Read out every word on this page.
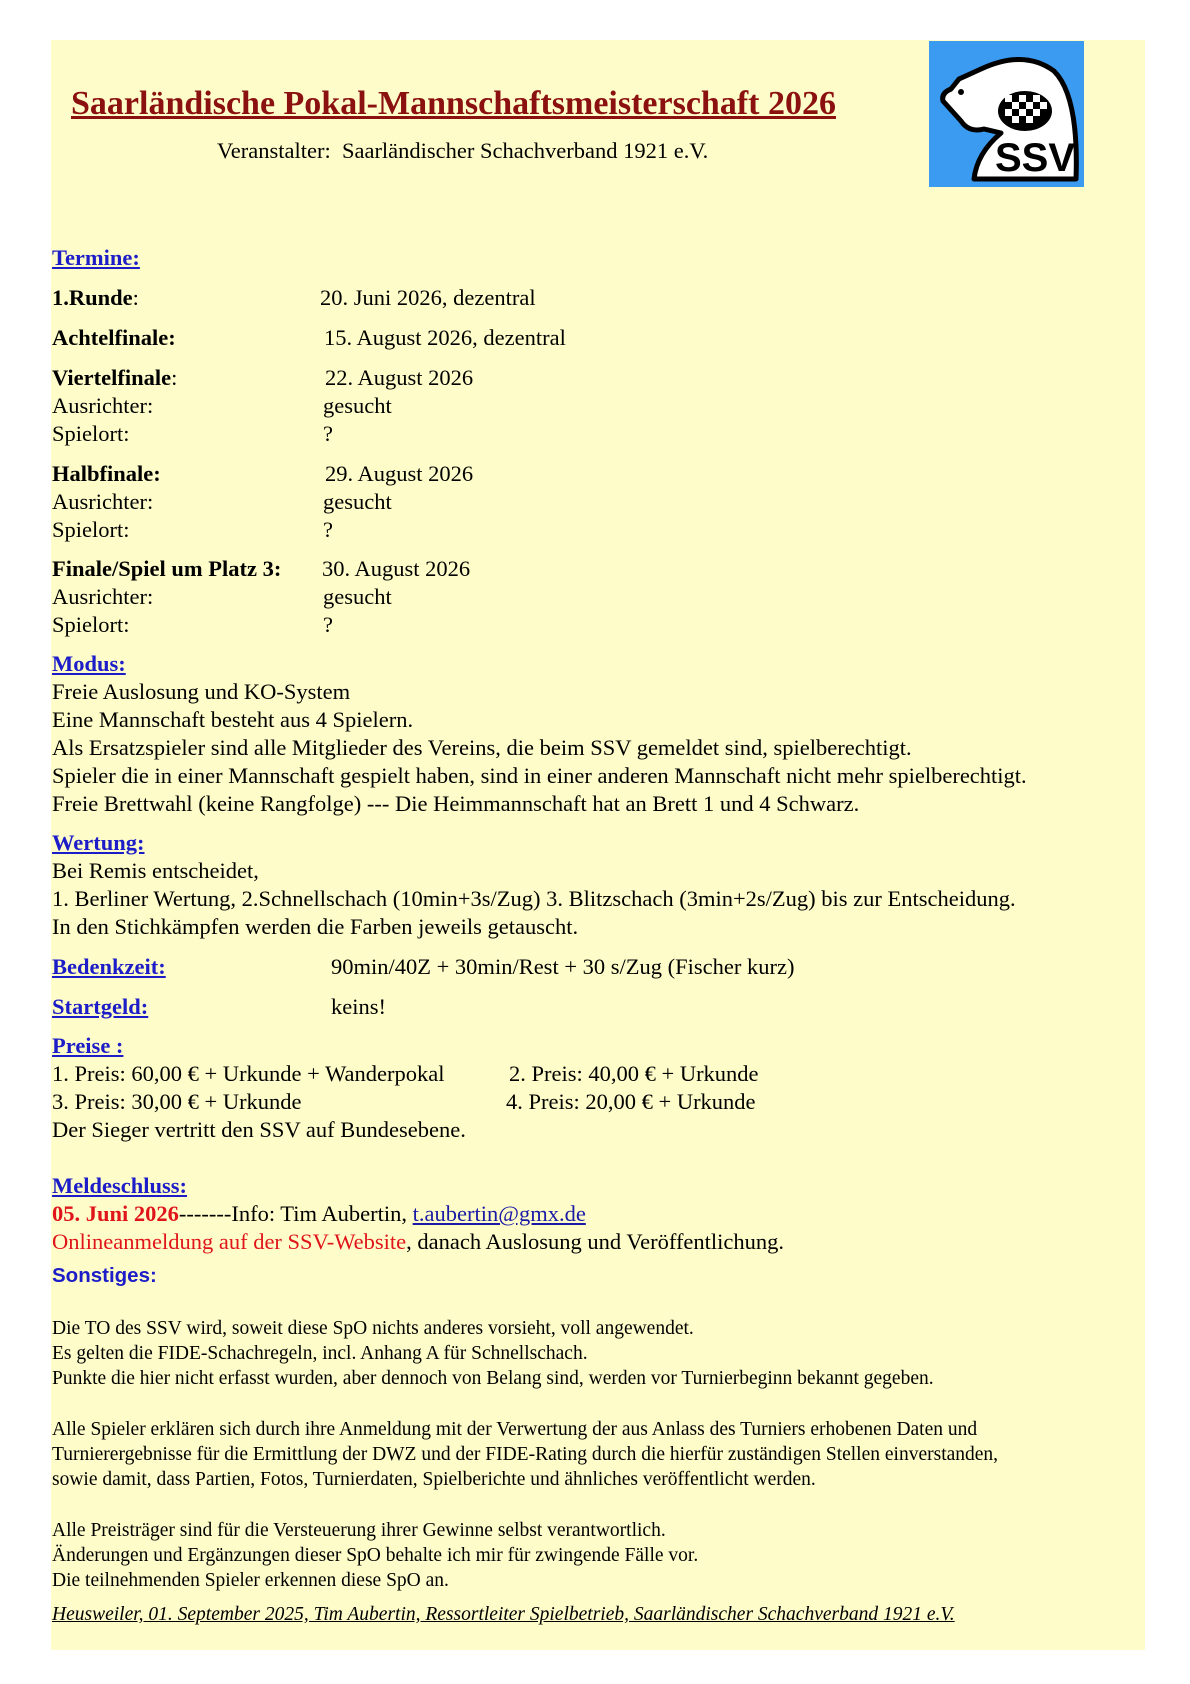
Saarländische Pokal-Mannschaftsmeisterschaft 2026
Veranstalter: Saarländischer Schachverband 1921 e.V.	SSV
Termine:
1.Runde:	20. Juni 2026, dezentral
Achtelfinale:	15. August 2026, dezentral
Viertelfinale:	22. August 2026
Ausrichter:	gesucht
Spielort:	?
Halbfinale:	29. August 2026
Ausrichter:	gesucht
Spielort:	?
Finale/Spiel um Platz 3: 30. August 2026
Ausrichter:	gesucht
Spielort:	?
Modus:
Freie Auslosung und KO-System
Eine Mannschaft besteht aus 4 Spielern.
Als Ersatzspieler sind alle Mitglieder des Vereins, die beim SSV gemeldet sind, spielberechtigt.
Spieler die in einer Mannschaft gespielt haben, sind in einer anderen Mannschaft nicht mehr spielberechtigt.
Freie Brettwahl (keine Rangfolge) --- Die Heimmannschaft hat an Brett 1 und 4 Schwarz.
Wertung:
Bei Remis entscheidet,
1. Berliner Wertung, 2.Schnellschach (10min+3s/Zug) 3. Blitzschach (3min+2s/Zug) bis zur Entscheidung.
In den Stichkämpfen werden die Farben jeweils getauscht.
Bedenkzeit:	90min/40Z + 30min/Rest + 30 s/Zug (Fischer kurz)
Startgeld:	keins!
Preise :
1. Preis: 60,00 € + Urkunde + Wanderpokal	2. Preis: 40,00 € + Urkunde
3. Preis: 30,00 € + Urkunde	4. Preis: 20,00 € + Urkunde
Der Sieger vertritt den SSV auf Bundesebene.
Meldeschluss:
05. Juni 2026-------Info: Tim Aubertin, t.aubertin@gmx.de
Onlineanmeldung auf der SSV-Website, danach Auslosung und Veröffentlichung.
Sonstiges:
Die TO des SSV wird, soweit diese SpO nichts anderes vorsieht, voll angewendet.
Es gelten die FIDE-Schachregeln, incl. Anhang A für Schnellschach.
Punkte die hier nicht erfasst wurden, aber dennoch von Belang sind, werden vor Turnierbeginn bekannt gegeben.
Alle Spieler erklären sich durch ihre Anmeldung mit der Verwertung der aus Anlass des Turniers erhobenen Daten und
Turnierergebnisse für die Ermittlung der DWZ und der FIDE-Rating durch die hierfür zuständigen Stellen einverstanden,
sowie damit, dass Partien, Fotos, Turnierdaten, Spielberichte und ähnliches veröffentlicht werden.
Alle Preisträger sind für die Versteuerung ihrer Gewinne selbst verantwortlich.
Änderungen und Ergänzungen dieser SpO behalte ich mir für zwingende Fälle vor.
Die teilnehmenden Spieler erkennen diese SpO an.
Heusweiler, 01. September 2025, Tim Aubertin, Ressortleiter Spielbetrieb, Saarländischer Schachverband 1921 e.V.
